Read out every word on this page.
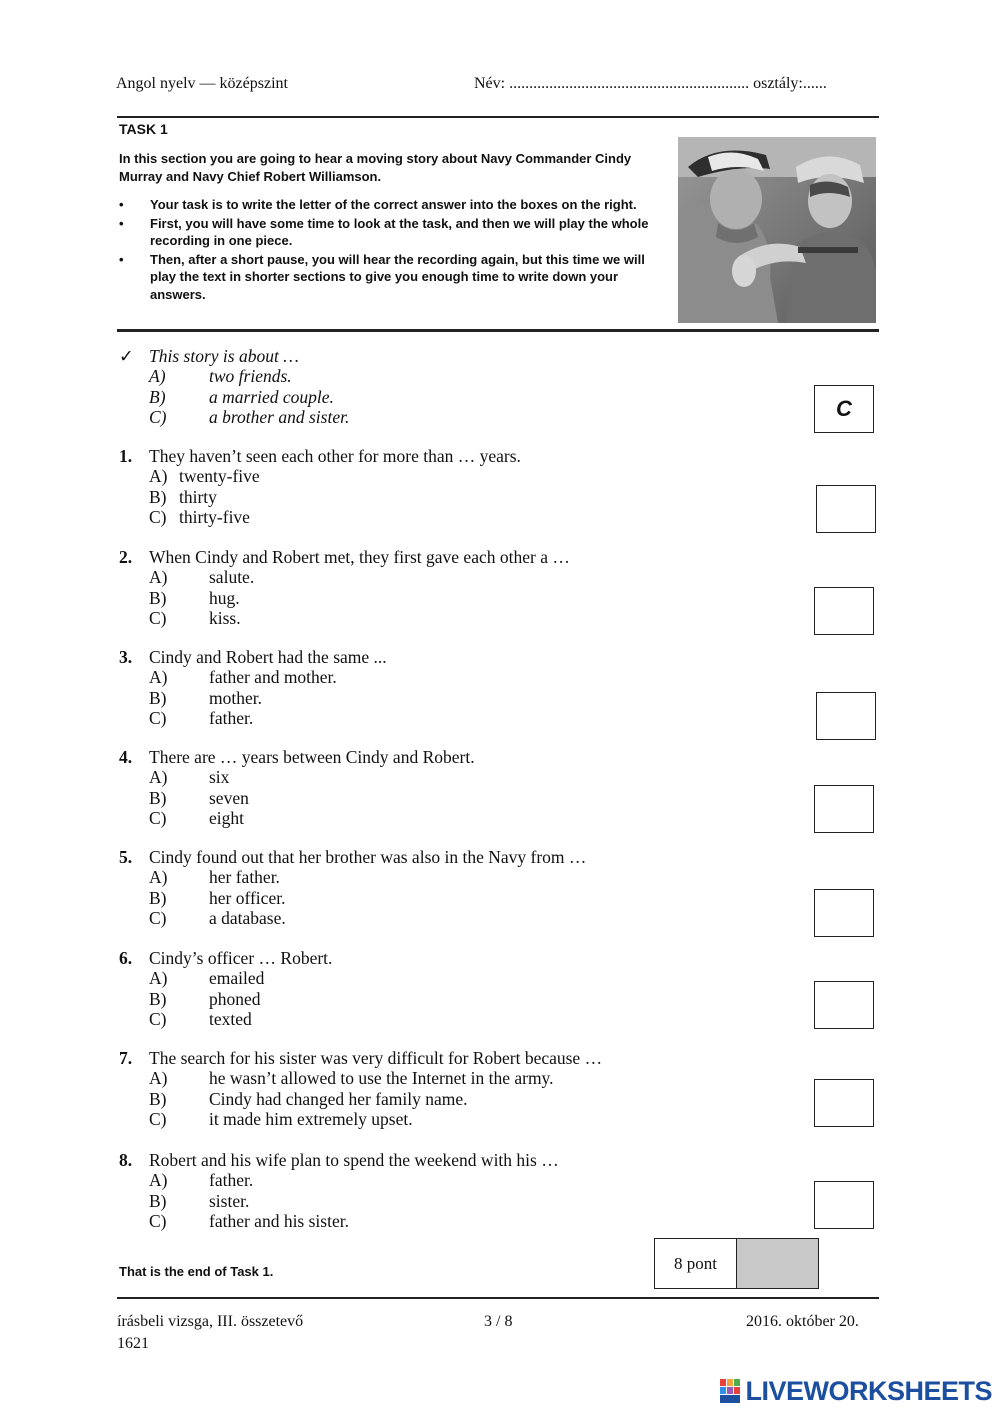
Angol nyelv — középszint	Név: ............................................................ osztály:......
TASK 1
In this section you are going to hear a moving story about Navy Commander Cindy Murray and Navy Chief Robert Williamson.
• Your task is to write the letter of the correct answer into the boxes on the right.
• First, you will have some time to look at the task, and then we will play the whole recording in one piece.
• Then, after a short pause, you will hear the recording again, but this time we will play the text in shorter sections to give you enough time to write down your answers.
✓ This story is about …
A) two friends.
B) a married couple.
C) a brother and sister.	C
1. They haven’t seen each other for more than … years.
A) twenty-five
B) thirty
C) thirty-five
2. When Cindy and Robert met, they first gave each other a …
A) salute.
B) hug.
C) kiss.
3. Cindy and Robert had the same ...
A) father and mother.
B) mother.
C) father.
4. There are … years between Cindy and Robert.
A) six
B) seven
C) eight
5. Cindy found out that her brother was also in the Navy from …
A) her father.
B) her officer.
C) a database.
6. Cindy’s officer … Robert.
A) emailed
B) phoned
C) texted
7. The search for his sister was very difficult for Robert because …
A) he wasn’t allowed to use the Internet in the army.
B) Cindy had changed her family name.
C) it made him extremely upset.
8. Robert and his wife plan to spend the weekend with his …
A) father.
B) sister.
C) father and his sister.
That is the end of Task 1.	8 pont
írásbeli vizsga, III. összetevő
1621
3 / 8	2016. október 20.
LIVEWORKSHEETS
